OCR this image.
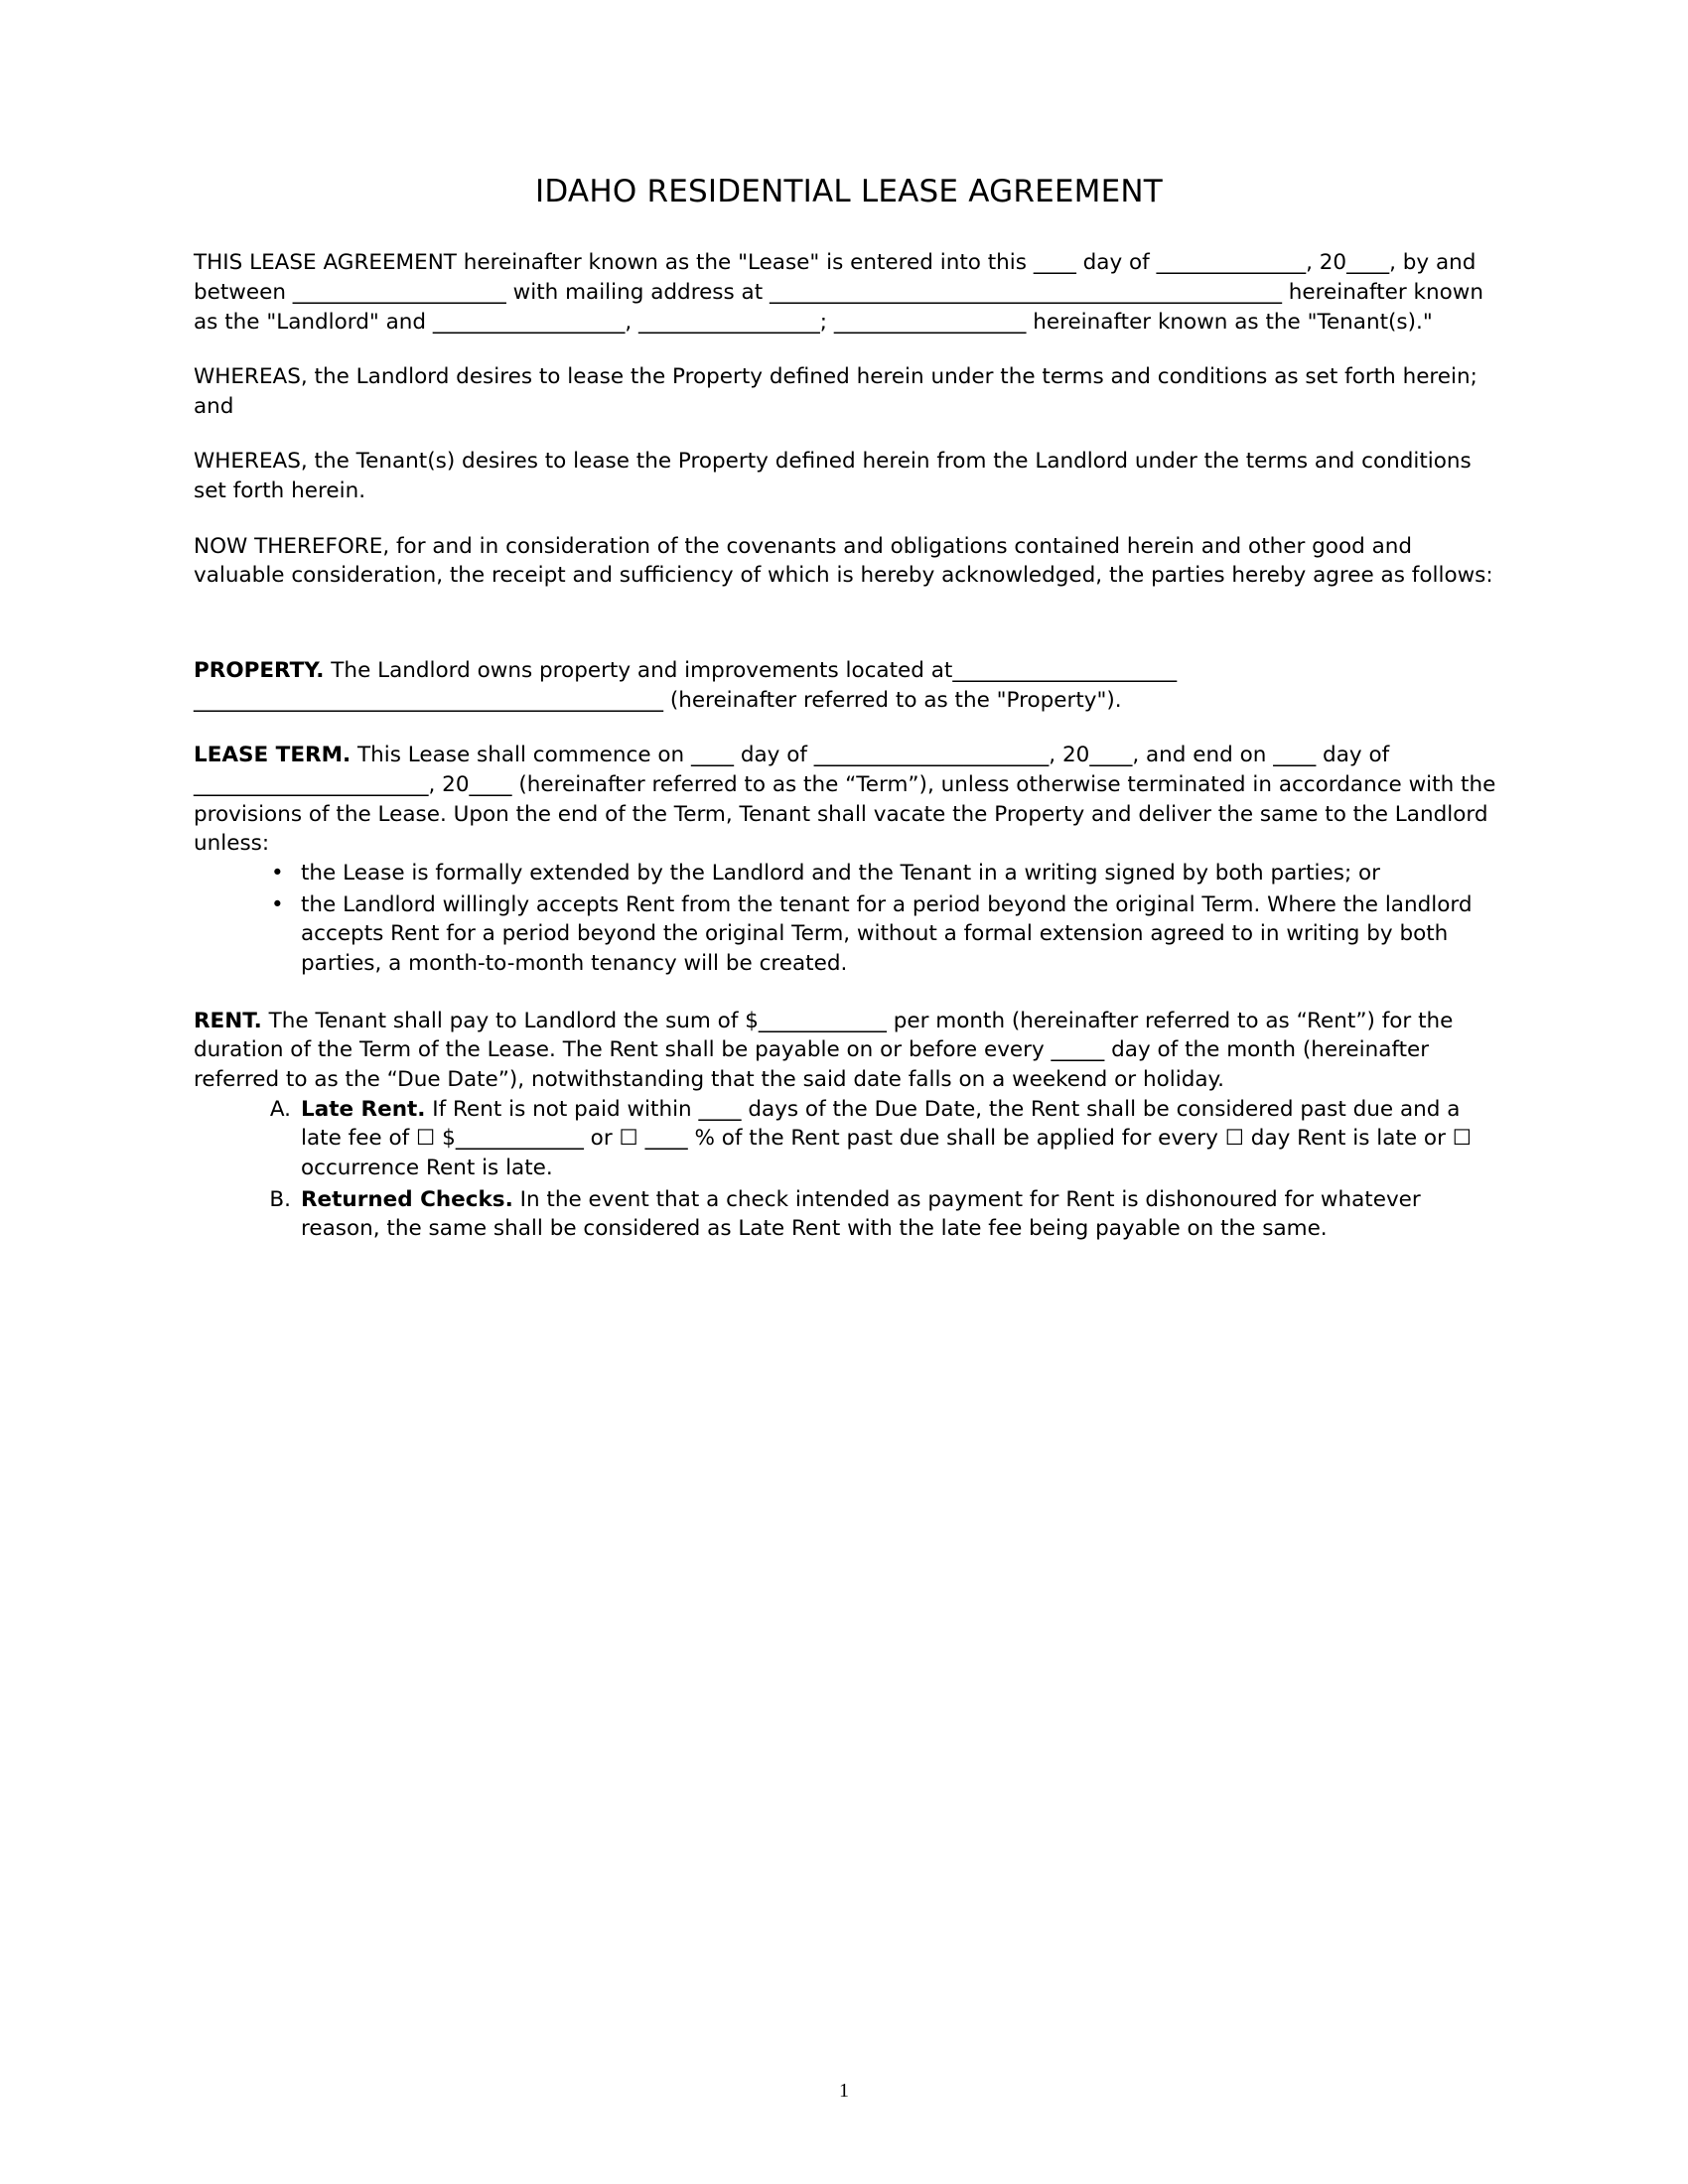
IDAHO RESIDENTIAL LEASE AGREEMENT

THIS LEASE AGREEMENT hereinafter known as the "Lease" is entered into this ____ day of ______________, 20____, by and between ____________________ with mailing address at ________________________________________________ hereinafter known as the "Landlord" and __________________, _________________; __________________ hereinafter known as the "Tenant(s)."

WHEREAS, the Landlord desires to lease the Property defined herein under the terms and conditions as set forth herein; and

WHEREAS, the Tenant(s) desires to lease the Property defined herein from the Landlord under the terms and conditions set forth herein.

NOW THEREFORE, for and in consideration of the covenants and obligations contained herein and other good and valuable consideration, the receipt and sufficiency of which is hereby acknowledged, the parties hereby agree as follows:

PROPERTY. The Landlord owns property and improvements located at_____________________ ____________________________________________ (hereinafter referred to as the "Property").

LEASE TERM. This Lease shall commence on ____ day of ______________________, 20____, and end on ____ day of ______________________, 20____ (hereinafter referred to as the “Term”), unless otherwise terminated in accordance with the provisions of the Lease. Upon the end of the Term, Tenant shall vacate the Property and deliver the same to the Landlord unless:

• the Lease is formally extended by the Landlord and the Tenant in a writing signed by both parties; or
• the Landlord willingly accepts Rent from the tenant for a period beyond the original Term. Where the landlord accepts Rent for a period beyond the original Term, without a formal extension agreed to in writing by both parties, a month-to-month tenancy will be created.

RENT. The Tenant shall pay to Landlord the sum of $____________ per month (hereinafter referred to as “Rent”) for the duration of the Term of the Lease. The Rent shall be payable on or before every _____ day of the month (hereinafter referred to as the “Due Date”), notwithstanding that the said date falls on a weekend or holiday.

Late Rent. If Rent is not paid within ____ days of the Due Date, the Rent shall be considered past due and a late fee of ☐ $____________ or ☐ ____ % of the Rent past due shall be applied for every ☐ day Rent is late or ☐ occurrence Rent is late.
Returned Checks. In the event that a check intended as payment for Rent is dishonoured for whatever reason, the same shall be considered as Late Rent with the late fee being payable on the same.
1
